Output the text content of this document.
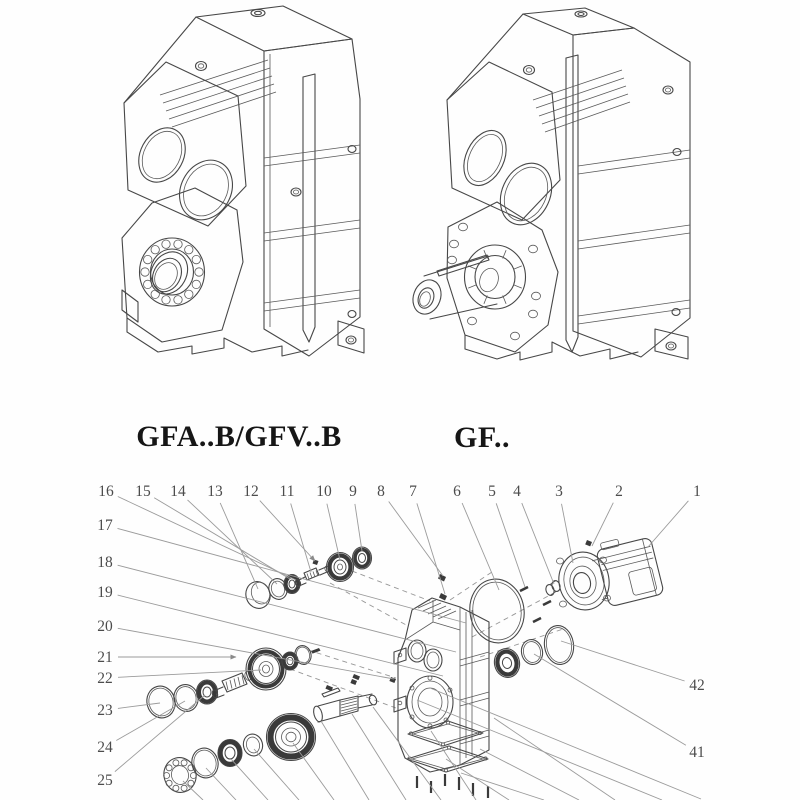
1
2
3
4
5
6
7
8
9
10
11
12
13
14
15
16
17
18
19
20
21
22
23
24
25
42
41
GFA..B/GFV..B	GF..
